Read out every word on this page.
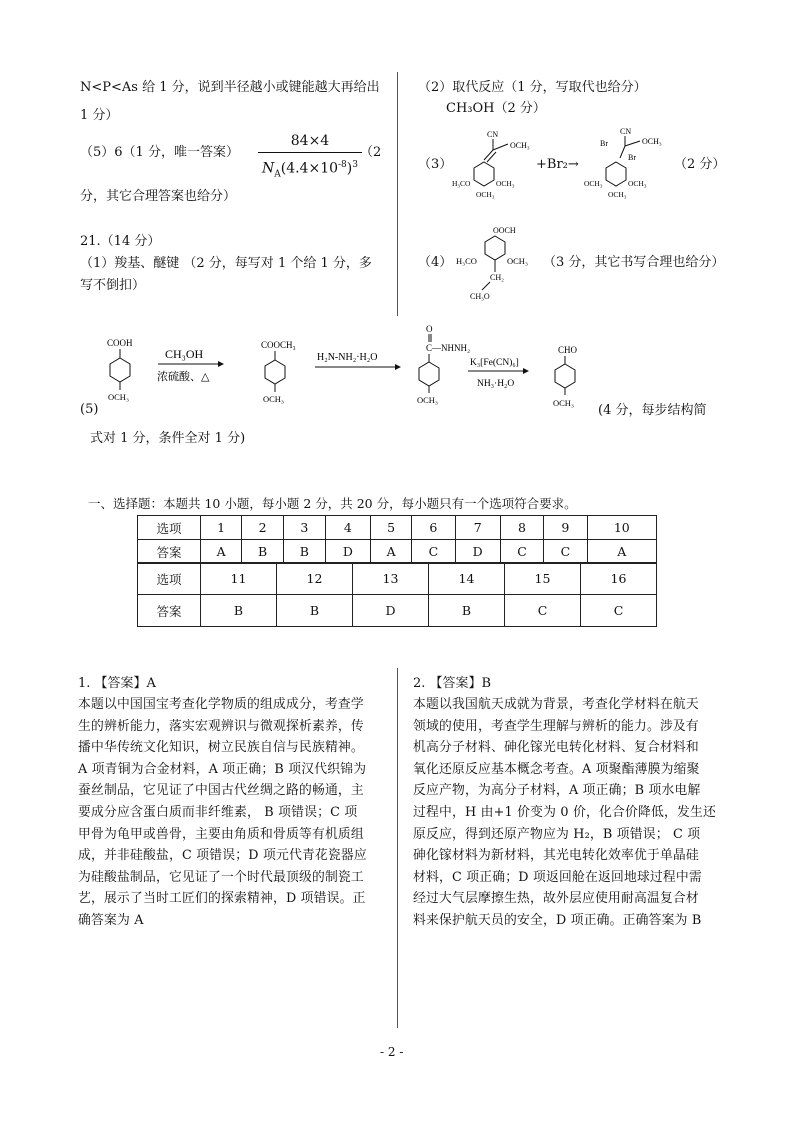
N<P<As 给 1 分，说到半径越小或键能越大再给出
1 分）
（5）6（1 分，唯一答案）
84×4
$N_A(4.4\times 10^{-8})^3$
（2
分，其它合理答案也给分）
21.（14 分）
（1）羧基、醚键 （2 分，每写对 1 个给 1 分，多
写不倒扣）
（2）取代反应（1 分，写取代也给分）
CH₃OH（2 分）
（3）
CN
OCH₃
H₃CO	OCH₃
OCH₃
+Br₂→
CN
OCH₃
Br
Br
OCH₃	OCH₃
OCH₃
（2 分）
（4）
OOCH
H₃CO	OCH₃
CH₂
CH₃O
（3 分，其它书写合理也给分）
COOH
OCH₃
CH₃OH
浓硫酸、△
COOCH₃
OCH₃
H₂N-NH₂·H₂O
O
C—NHNH₂
OCH₃
K₃[Fe(CN)₆]
NH₃·H₂O
CHO
OCH₃
(5)	(4 分，每步结构简
式对 1 分，条件全对 1 分)
一、选择题：本题共 10 小题，每小题 2 分，共 20 分，每小题只有一个选项符合要求。
选项	1	2	3	4	5	6	7	8	9	10
答案	A	B	B	D	A	C	D	C	C	A
选项	11	12	13	14	15	16
答案	B	B	D	B	C	C
1. 【答案】A
本题以中国国宝考查化学物质的组成成分，考查学
生的辨析能力，落实宏观辨识与微观探析素养，传
播中华传统文化知识，树立民族自信与民族精神。
A 项青铜为合金材料，A 项正确；B 项汉代织锦为
蚕丝制品，它见证了中国古代丝绸之路的畅通，主
要成分应含蛋白质而非纤维素， B 项错误；C 项
甲骨为龟甲或兽骨，主要由角质和骨质等有机质组
成，并非硅酸盐，C 项错误；D 项元代青花瓷器应
为硅酸盐制品，它见证了一个时代最顶级的制瓷工
艺，展示了当时工匠们的探索精神，D 项错误。正
确答案为 A
2. 【答案】B
本题以我国航天成就为背景，考查化学材料在航天
领域的使用，考查学生理解与辨析的能力。涉及有
机高分子材料、砷化镓光电转化材料、复合材料和
氧化还原反应基本概念考查。A 项聚酯薄膜为缩聚
反应产物，为高分子材料，A 项正确；B 项水电解
过程中，H 由+1 价变为 0 价，化合价降低，发生还
原反应，得到还原产物应为 H₂，B 项错误； C 项
砷化镓材料为新材料，其光电转化效率优于单晶硅
材料，C 项正确；D 项返回舱在返回地球过程中需
经过大气层摩擦生热，故外层应使用耐高温复合材
料来保护航天员的安全，D 项正确。正确答案为 B
- 2 -
